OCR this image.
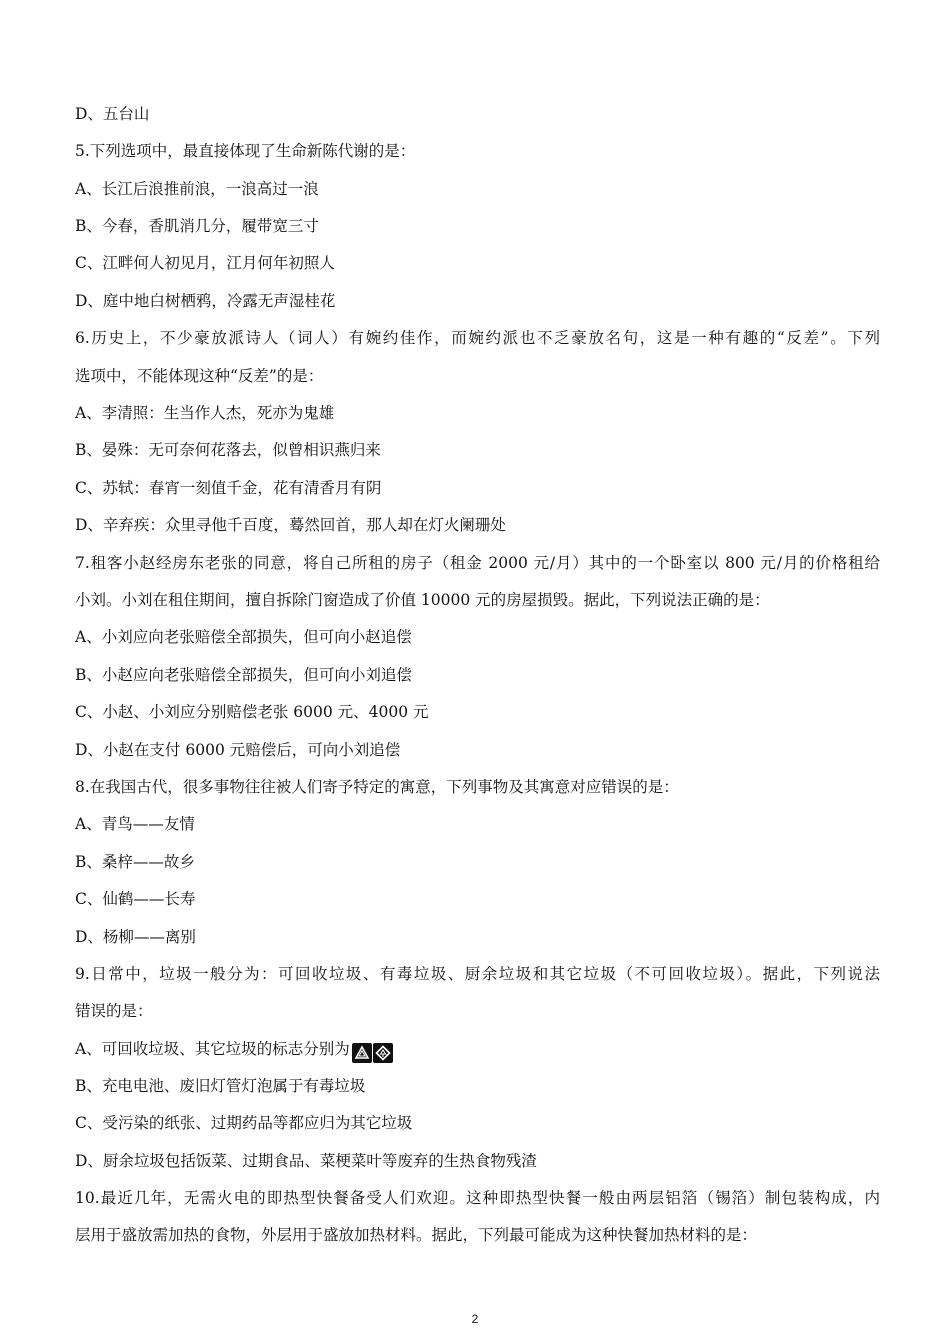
D、五台山
5.下列选项中，最直接体现了生命新陈代谢的是：
A、长江后浪推前浪，一浪高过一浪
B、今春，香肌消几分，履带宽三寸
C、江畔何人初见月，江月何年初照人
D、庭中地白树栖鸦，冷露无声湿桂花
6.历史上，不少豪放派诗人（词人）有婉约佳作，而婉约派也不乏豪放名句，这是一种有趣的“反差”。下列
选项中，不能体现这种“反差”的是：
A、李清照：生当作人杰，死亦为鬼雄
B、晏殊：无可奈何花落去，似曾相识燕归来
C、苏轼：春宵一刻值千金，花有清香月有阴
D、辛弃疾：众里寻他千百度，蓦然回首，那人却在灯火阑珊处
7.租客小赵经房东老张的同意，将自己所租的房子（租金 2000 元/月）其中的一个卧室以 800 元/月的价格租给
小刘。小刘在租住期间，擅自拆除门窗造成了价值 10000 元的房屋损毁。据此，下列说法正确的是：
A、小刘应向老张赔偿全部损失，但可向小赵追偿
B、小赵应向老张赔偿全部损失，但可向小刘追偿
C、小赵、小刘应分别赔偿老张 6000 元、4000 元
D、小赵在支付 6000 元赔偿后，可向小刘追偿
8.在我国古代，很多事物往往被人们寄予特定的寓意，下列事物及其寓意对应错误的是：
A、青鸟——友情
B、桑梓——故乡
C、仙鹤——长寿
D、杨柳——离别
9.日常中，垃圾一般分为：可回收垃圾、有毒垃圾、厨余垃圾和其它垃圾（不可回收垃圾）。据此，下列说法
错误的是：
A、可回收垃圾、其它垃圾的标志分别为
B、充电电池、废旧灯管灯泡属于有毒垃圾
C、受污染的纸张、过期药品等都应归为其它垃圾
D、厨余垃圾包括饭菜、过期食品、菜梗菜叶等废弃的生热食物残渣
10.最近几年，无需火电的即热型快餐备受人们欢迎。这种即热型快餐一般由两层铝箔（锡箔）制包装构成，内
层用于盛放需加热的食物，外层用于盛放加热材料。据此，下列最可能成为这种快餐加热材料的是：
2
